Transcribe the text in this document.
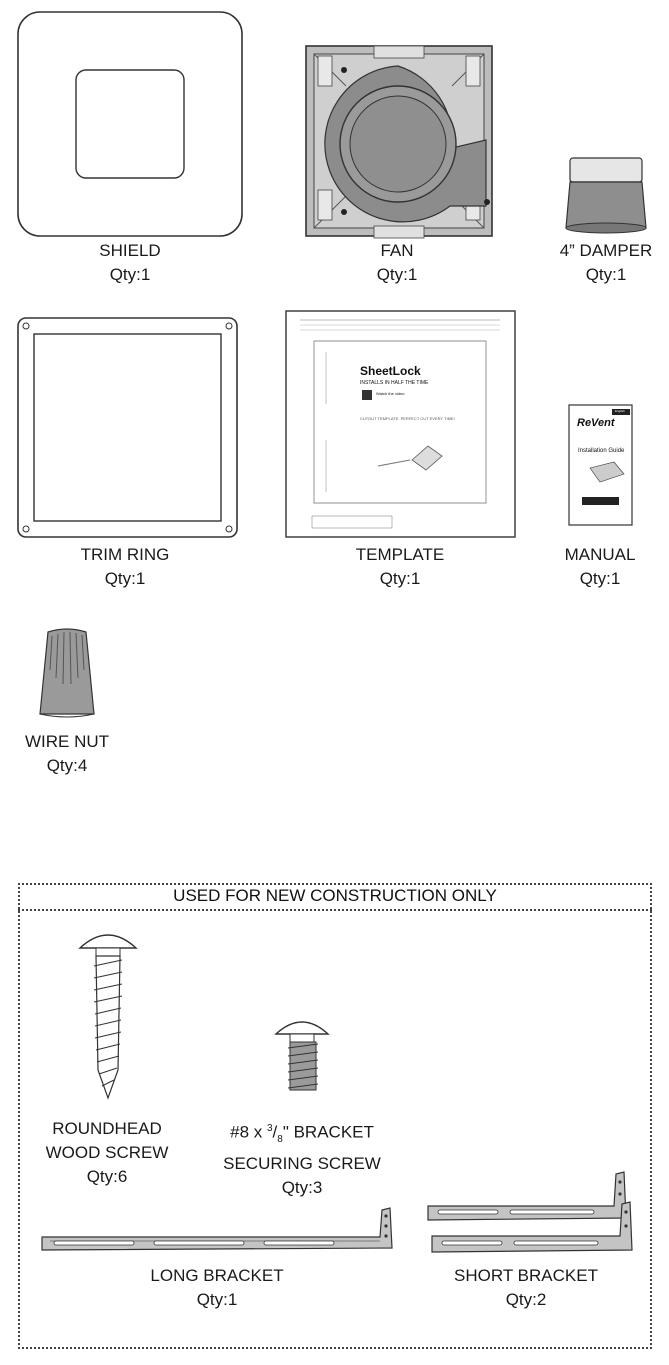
SHIELD
Qty:1
FAN
Qty:1
4” DAMPER
Qty:1
TRIM RING
Qty:1
SheetLock
INSTALLS IN HALF THE TIME
Watch the video
CUTOUT TEMPLATE. PERFECT CUT EVERY TIME!
TEMPLATE
Qty:1
English
ReVent
Installation Guide
MANUAL
Qty:1
WIRE NUT
Qty:4
USED FOR NEW CONSTRUCTION ONLY
ROUNDHEAD
WOOD SCREW
Qty:6
#8 x $^3/_8$" BRACKET
SECURING SCREW
Qty:3
LONG BRACKET
Qty:1
SHORT BRACKET
Qty:2
